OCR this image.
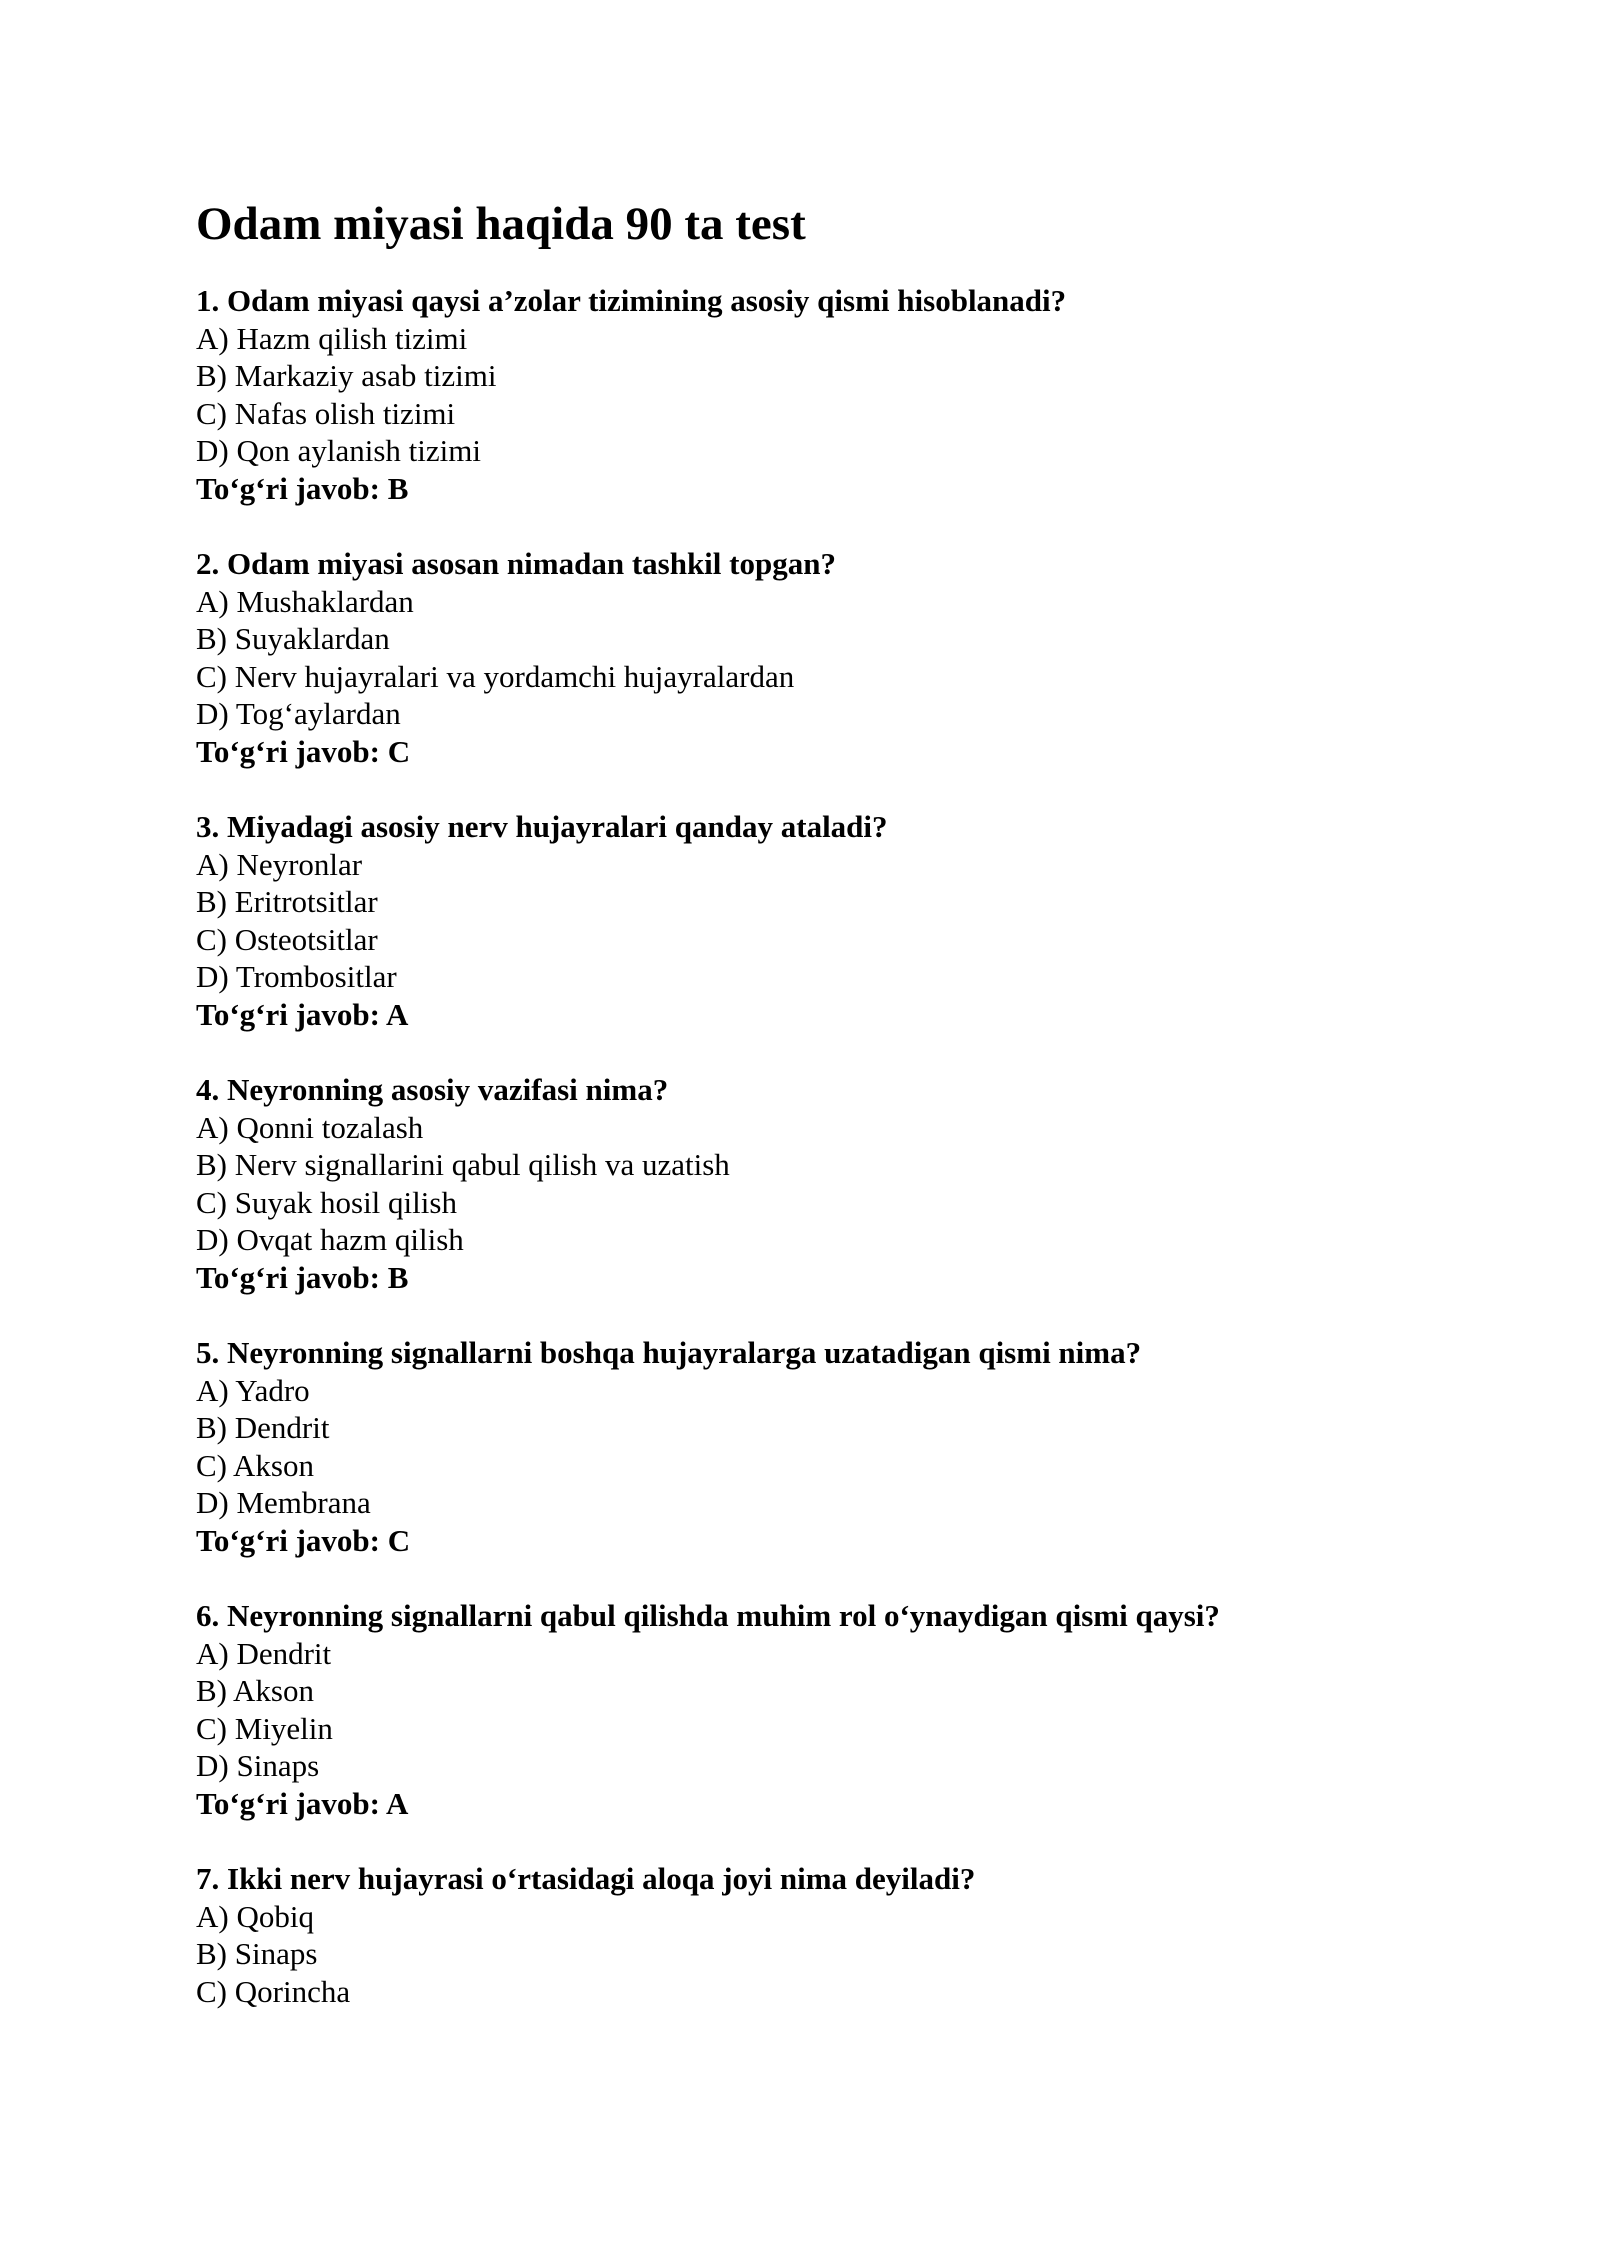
Odam miyasi haqida 90 ta test

1. Odam miyasi qaysi a’zolar tizimining asosiy qismi hisoblanadi?

A) Hazm qilish tizimi

B) Markaziy asab tizimi

C) Nafas olish tizimi

D) Qon aylanish tizimi

To‘g‘ri javob: B

2. Odam miyasi asosan nimadan tashkil topgan?

A) Mushaklardan

B) Suyaklardan

C) Nerv hujayralari va yordamchi hujayralardan

D) Tog‘aylardan

To‘g‘ri javob: C

3. Miyadagi asosiy nerv hujayralari qanday ataladi?

A) Neyronlar

B) Eritrotsitlar

C) Osteotsitlar

D) Trombositlar

To‘g‘ri javob: A

4. Neyronning asosiy vazifasi nima?

A) Qonni tozalash

B) Nerv signallarini qabul qilish va uzatish

C) Suyak hosil qilish

D) Ovqat hazm qilish

To‘g‘ri javob: B

5. Neyronning signallarni boshqa hujayralarga uzatadigan qismi nima?

A) Yadro

B) Dendrit

C) Akson

D) Membrana

To‘g‘ri javob: C

6. Neyronning signallarni qabul qilishda muhim rol o‘ynaydigan qismi qaysi?

A) Dendrit

B) Akson

C) Miyelin

D) Sinaps

To‘g‘ri javob: A

7. Ikki nerv hujayrasi o‘rtasidagi aloqa joyi nima deyiladi?

A) Qobiq

B) Sinaps

C) Qorincha
